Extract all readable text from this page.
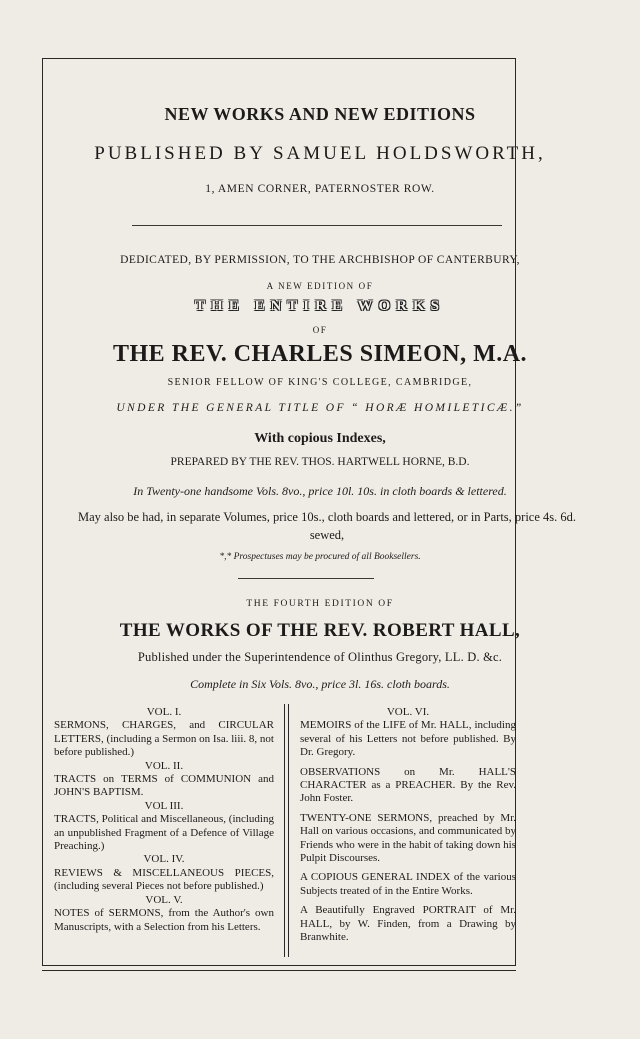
NEW WORKS AND NEW EDITIONS
PUBLISHED BY SAMUEL HOLDSWORTH,
1, AMEN CORNER, PATERNOSTER ROW.
DEDICATED, BY PERMISSION, TO THE ARCHBISHOP OF CANTERBURY,
A NEW EDITION OF
THE ENTIRE WORKS
OF
THE REV. CHARLES SIMEON, M.A.
SENIOR FELLOW OF KING'S COLLEGE, CAMBRIDGE,
UNDER THE GENERAL TITLE OF “ HORÆ HOMILETICÆ.”
With copious Indexes,
PREPARED BY THE REV. THOS. HARTWELL HORNE, B.D.
In Twenty-one handsome Vols. 8vo., price 10l. 10s. in cloth boards & lettered.
May also be had, in separate Volumes, price 10s., cloth boards and lettered, or in Parts, price 4s. 6d. sewed,
*,* Prospectuses may be procured of all Booksellers.
THE FOURTH EDITION OF
THE WORKS OF THE REV. ROBERT HALL,
Published under the Superintendence of Olinthus Gregory, LL. D. &c.
Complete in Six Vols. 8vo., price 3l. 16s. cloth boards.
VOL. I.
SERMONS, CHARGES, and CIRCULAR LETTERS, (including a Sermon on Isa. liii. 8, not before published.)
VOL. II.
TRACTS on TERMS of COMMUNION and JOHN'S BAPTISM.
VOL III.
TRACTS, Political and Miscellaneous, (including an unpublished Fragment of a Defence of Village Preaching.)
VOL. IV.
REVIEWS & MISCELLANEOUS PIECES, (including several Pieces not before published.)
VOL. V.
NOTES of SERMONS, from the Author's own Manuscripts, with a Selection from his Letters.
VOL. VI.
MEMOIRS of the LIFE of Mr. HALL, including several of his Letters not before published. By Dr. Gregory.
OBSERVATIONS on Mr. HALL'S CHARACTER as a PREACHER. By the Rev. John Foster.
TWENTY-ONE SERMONS, preached by Mr. Hall on various occasions, and communicated by Friends who were in the habit of taking down his Pulpit Discourses.
A COPIOUS GENERAL INDEX of the various Subjects treated of in the Entire Works.
A Beautifully Engraved PORTRAIT of Mr. HALL, by W. Finden, from a Drawing by Branwhite.
